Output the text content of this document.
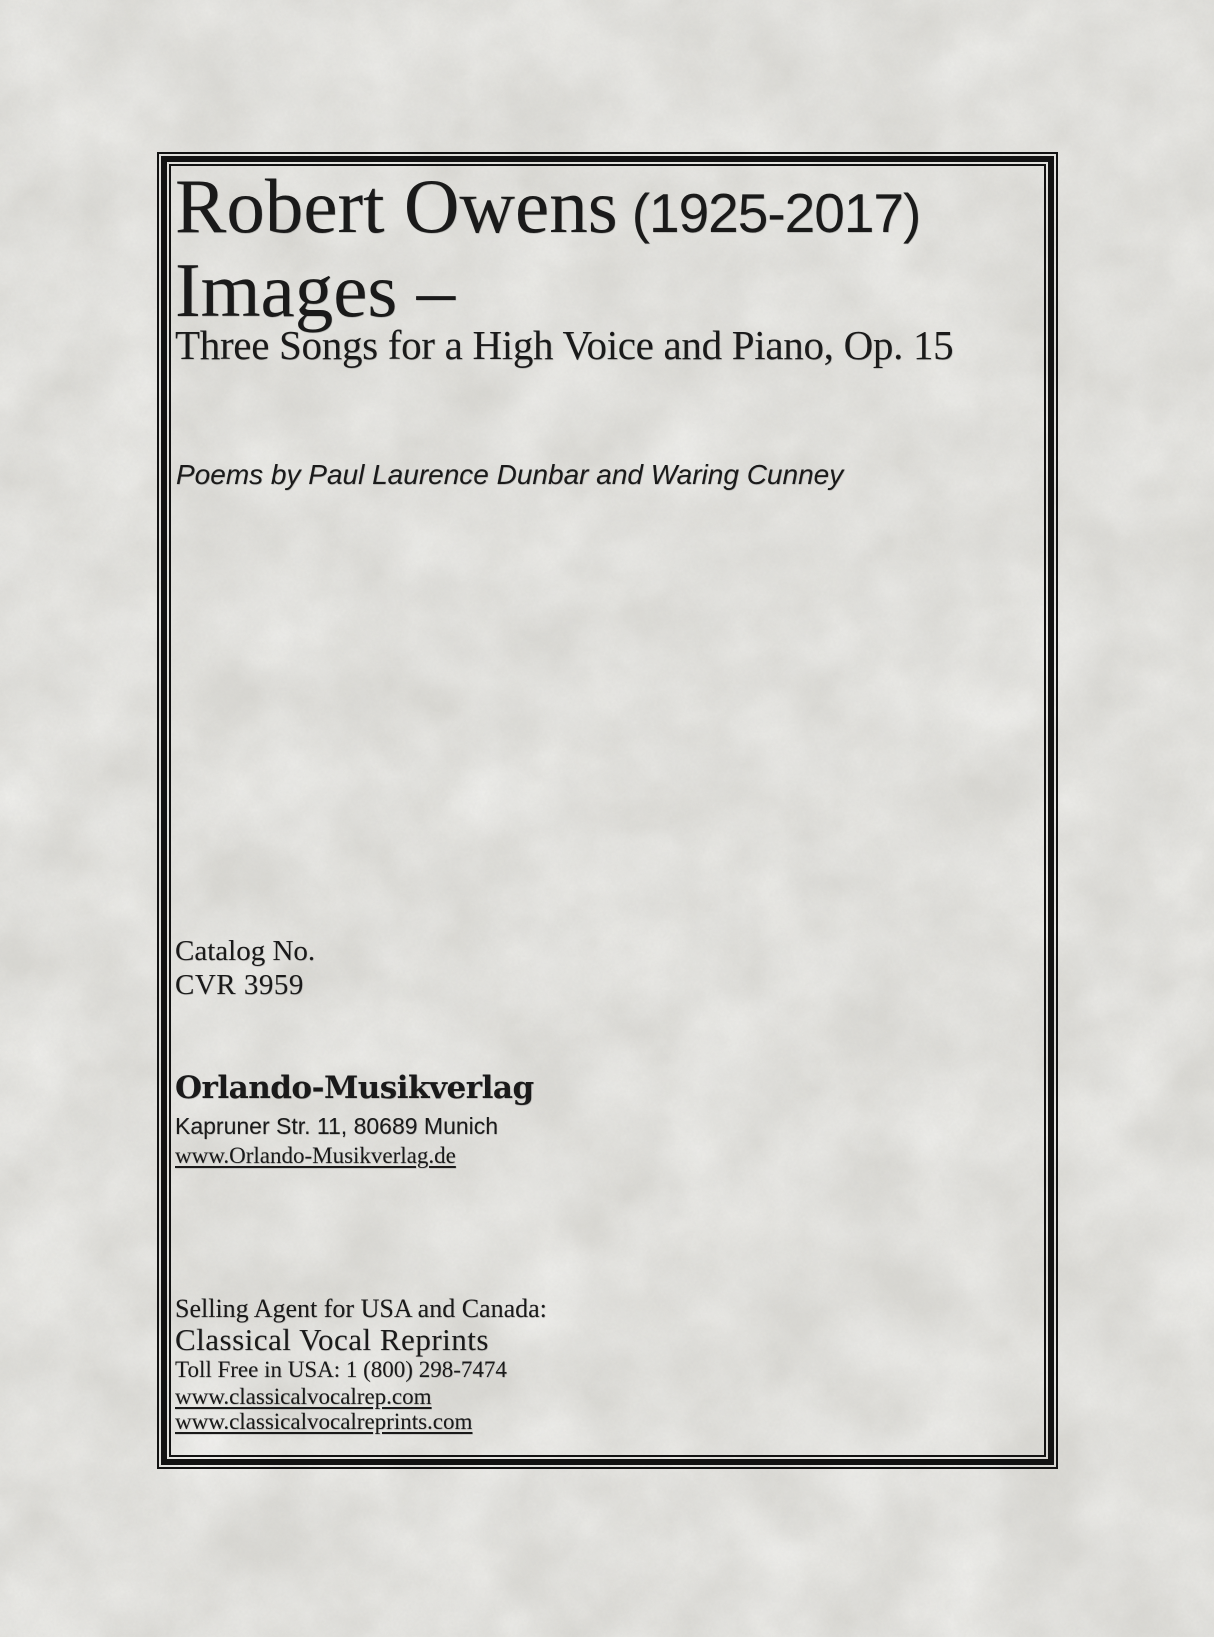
Robert Owens (1925-2017)
Images –
Three Songs for a High Voice and Piano, Op. 15
Poems by Paul Laurence Dunbar and Waring Cunney
Catalog No.
CVR 3959
Orlando-Musikverlag
Kapruner Str. 11, 80689 Munich
www.Orlando-Musikverlag.de
Selling Agent for USA and Canada:
Classical Vocal Reprints
Toll Free in USA: 1 (800) 298-7474
www.classicalvocalrep.com
www.classicalvocalreprints.com
